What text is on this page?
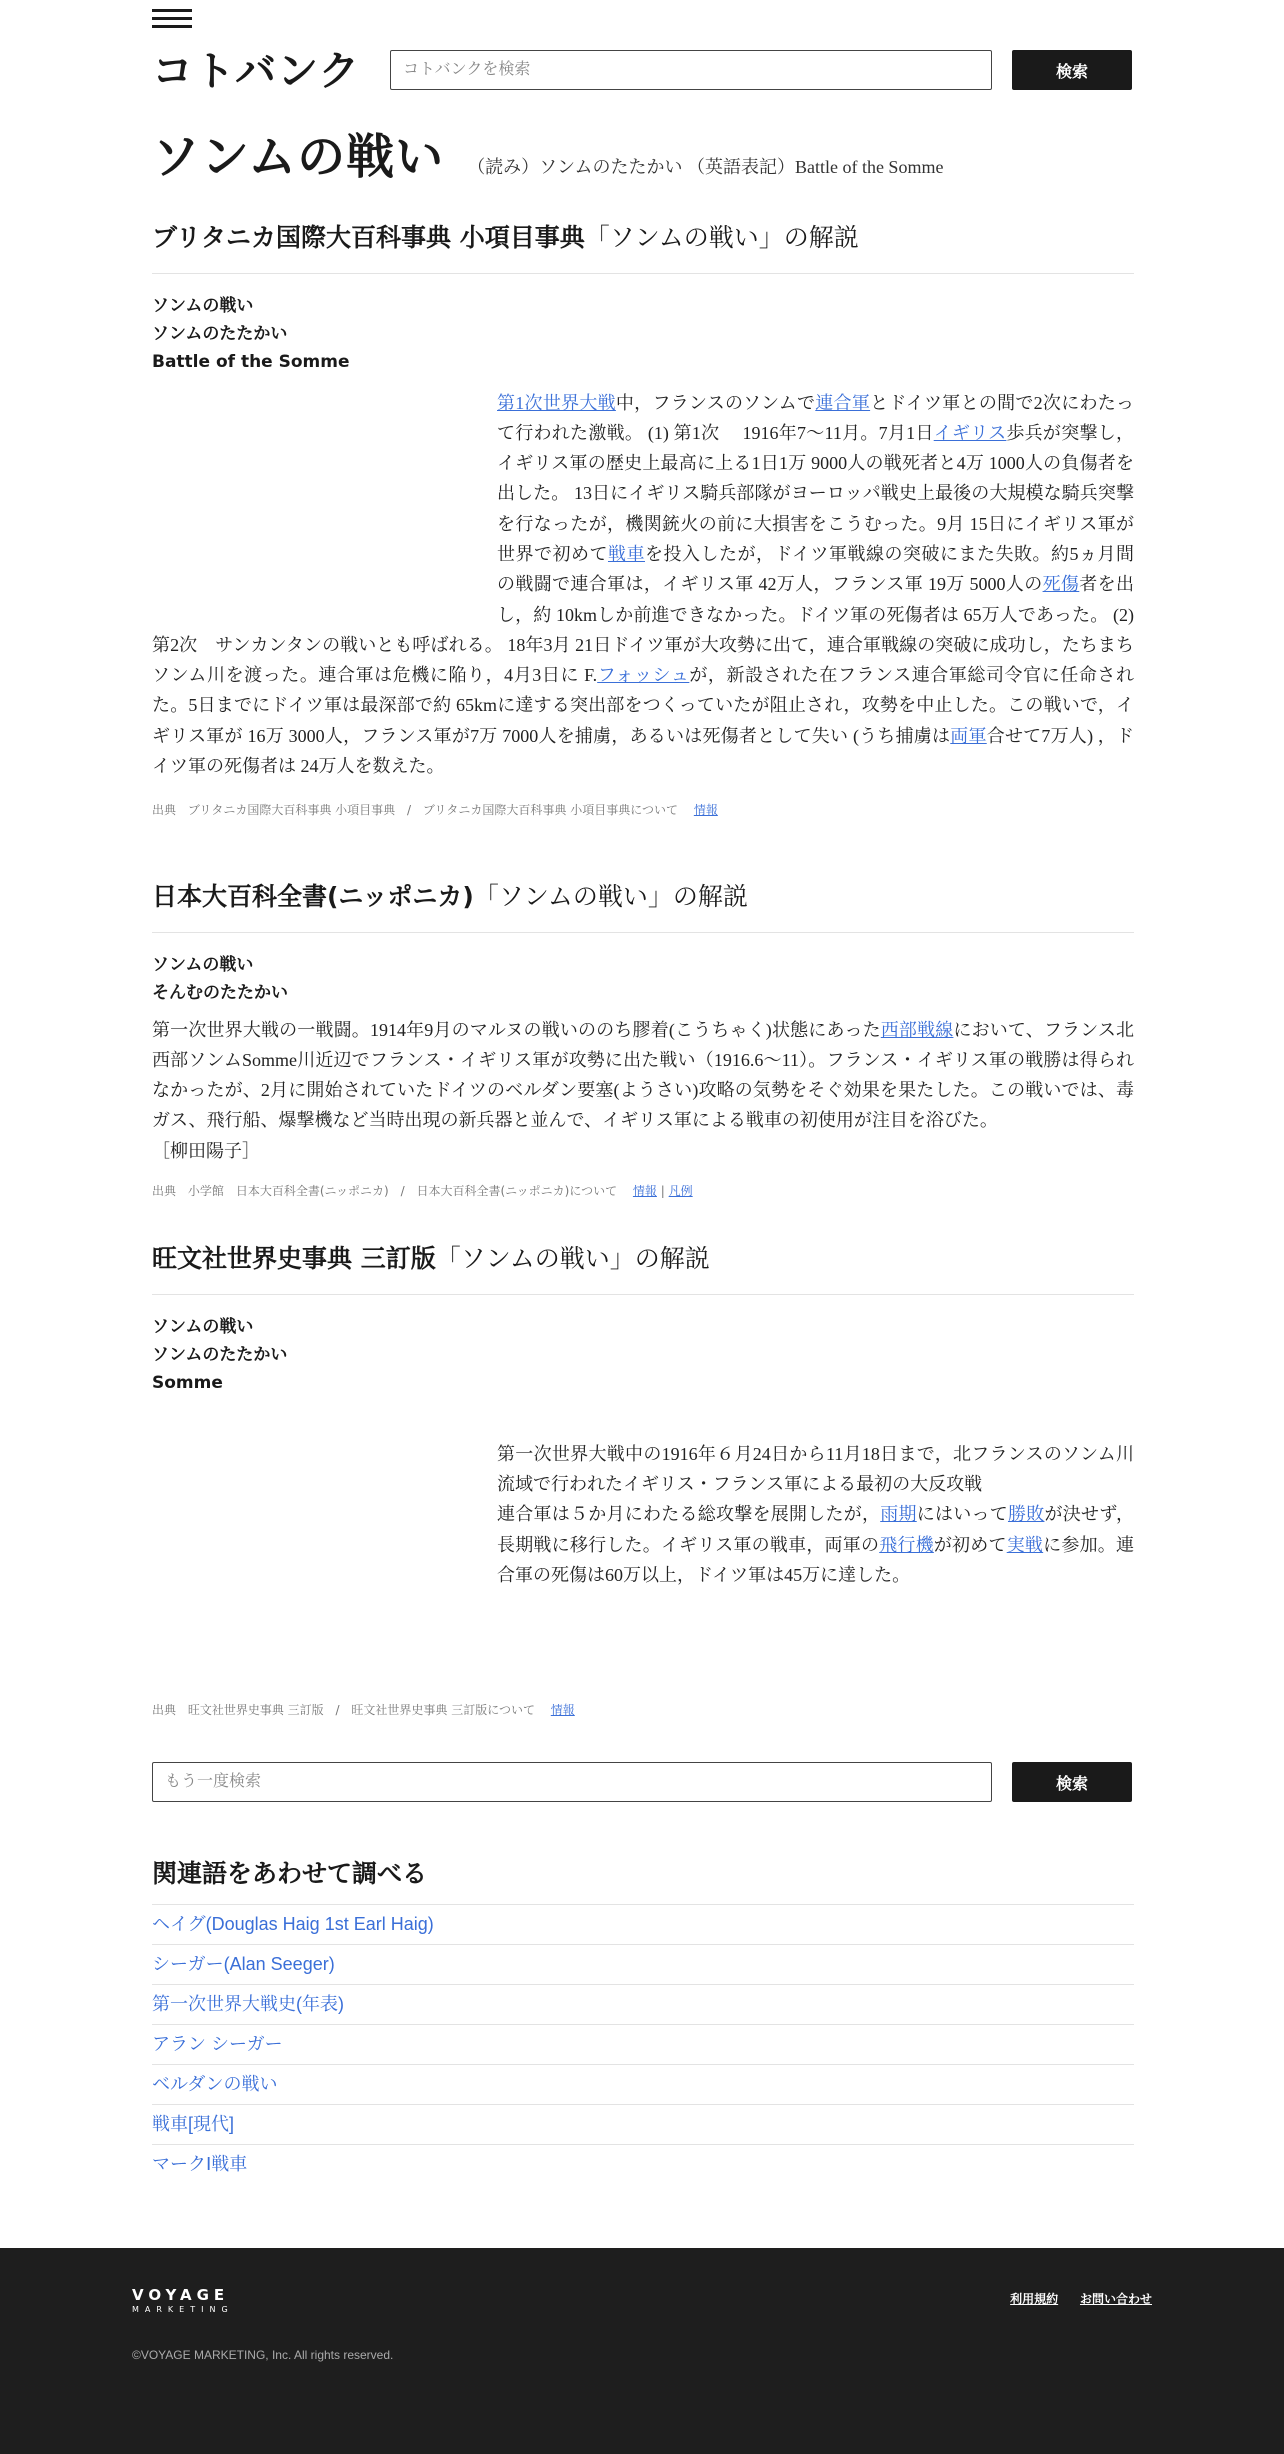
コトバンク
コトバンクを検索	検索
ソンムの戦い （読み）ソンムのたたかい （英語表記）Battle of the Somme
ブリタニカ国際大百科事典 小項目事典「ソンムの戦い」の解説
ソンムの戦い
ソンムのたたかい
Battle of the Somme
第1次世界大戦中，フランスのソンムで連合軍とドイツ軍との間で2次にわたって行われた激戦。 (1) 第1次　 1916年7～11月。7月1日イギリス歩兵が突撃し，イギリス軍の歴史上最高に上る1日1万 9000人の戦死者と4万 1000人の負傷者を出した。 13日にイギリス騎兵部隊がヨーロッパ戦史上最後の大規模な騎兵突撃を行なったが，機関銃火の前に大損害をこうむった。9月 15日にイギリス軍が世界で初めて戦車を投入したが，ドイツ軍戦線の突破にまた失敗。約5ヵ月間の戦闘で連合軍は，イギリス軍 42万人，フランス軍 19万 5000人の死傷者を出し，約 10kmしか前進できなかった。ドイツ軍の死傷者は 65万人であった。 (2) 第2次　サンカンタンの戦いとも呼ばれる。 18年3月 21日ドイツ軍が大攻勢に出て，連合軍戦線の突破に成功し，たちまちソンム川を渡った。連合軍は危機に陥り，4月3日に F.フォッシュが，新設された在フランス連合軍総司令官に任命された。5日までにドイツ軍は最深部で約 65kmに達する突出部をつくっていたが阻止され，攻勢を中止した。この戦いで，イギリス軍が 16万 3000人，フランス軍が7万 7000人を捕虜，あるいは死傷者として失い (うち捕虜は両軍合せて7万人) ，ドイツ軍の死傷者は 24万人を数えた。
出典 ブリタニカ国際大百科事典 小項目事典 / ブリタニカ国際大百科事典 小項目事典について 情報
日本大百科全書(ニッポニカ)「ソンムの戦い」の解説
ソンムの戦い
そんむのたたかい
第一次世界大戦の一戦闘。1914年9月のマルヌの戦いののち膠着(こうちゃく)状態にあった西部戦線において、フランス北西部ソンムSomme川近辺でフランス・イギリス軍が攻勢に出た戦い（1916.6～11）。フランス・イギリス軍の戦勝は得られなかったが、2月に開始されていたドイツのベルダン要塞(ようさい)攻略の気勢をそぐ効果を果たした。この戦いでは、毒ガス、飛行船、爆撃機など当時出現の新兵器と並んで、イギリス軍による戦車の初使用が注目を浴びた。
［柳田陽子］
出典 小学館　日本大百科全書(ニッポニカ) / 日本大百科全書(ニッポニカ)について 情報 | 凡例
旺文社世界史事典 三訂版「ソンムの戦い」の解説
ソンムの戦い
ソンムのたたかい
Somme

第一次世界大戦中の1916年６月24日から11月18日まで，北フランスのソンム川流域で行われたイギリス・フランス軍による最初の大反攻戦
連合軍は５か月にわたる総攻撃を展開したが，雨期にはいって勝敗が決せず，長期戦に移行した。イギリス軍の戦車，両軍の飛行機が初めて実戦に参加。連合軍の死傷は60万以上，ドイツ軍は45万に達した。

出典 旺文社世界史事典 三訂版 / 旺文社世界史事典 三訂版について 情報
もう一度検索
検索
関連語をあわせて調べる
ヘイグ(Douglas Haig 1st Earl Haig)
シーガー(Alan Seeger)
第一次世界大戦史(年表)
アラン シーガー
ベルダンの戦い
戦車[現代]
マークⅠ戦車
VOYAGE
MARKETING
利用規約 お問い合わせ
©VOYAGE MARKETING, Inc. All rights reserved.
